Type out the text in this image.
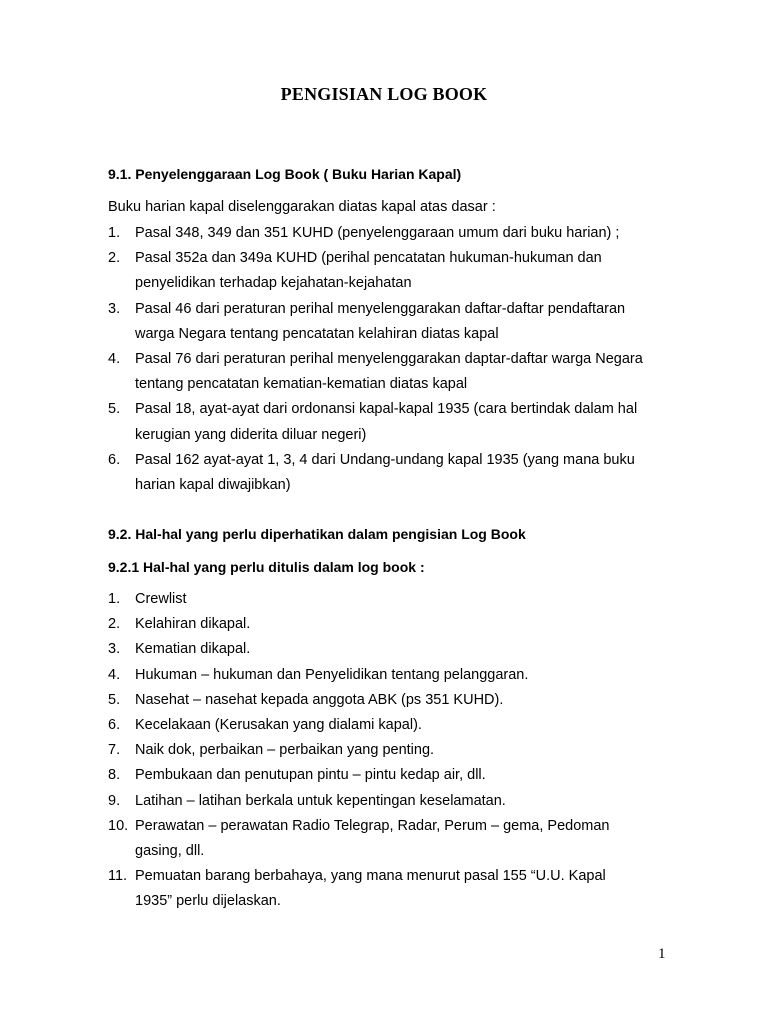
PENGISIAN LOG BOOK
9.1. Penyelenggaraan Log Book ( Buku Harian Kapal)
Buku harian kapal diselenggarakan diatas kapal atas dasar :
1. Pasal 348, 349 dan 351 KUHD (penyelenggaraan umum dari buku harian) ;
2. Pasal 352a dan 349a KUHD (perihal pencatatan hukuman-hukuman dan
penyelidikan terhadap kejahatan-kejahatan
3. Pasal 46 dari peraturan perihal menyelenggarakan daftar-daftar pendaftaran
warga Negara tentang pencatatan kelahiran diatas kapal
4. Pasal 76 dari peraturan perihal menyelenggarakan daptar-daftar warga Negara
tentang pencatatan kematian-kematian diatas kapal
5. Pasal 18, ayat-ayat dari ordonansi kapal-kapal 1935 (cara bertindak dalam hal
kerugian yang diderita diluar negeri)
6. Pasal 162 ayat-ayat 1, 3, 4 dari Undang-undang kapal 1935 (yang mana buku
harian kapal diwajibkan)
9.2. Hal-hal yang perlu diperhatikan dalam pengisian Log Book
9.2.1 Hal-hal yang perlu ditulis dalam log book :
1. Crewlist
2. Kelahiran dikapal.
3. Kematian dikapal.
4. Hukuman – hukuman dan Penyelidikan tentang pelanggaran.
5. Nasehat – nasehat kepada anggota ABK (ps 351 KUHD).
6. Kecelakaan (Kerusakan yang dialami kapal).
7. Naik dok, perbaikan – perbaikan yang penting.
8. Pembukaan dan penutupan pintu – pintu kedap air, dll.
9. Latihan – latihan berkala untuk kepentingan keselamatan.
10. Perawatan – perawatan Radio Telegrap, Radar, Perum – gema, Pedoman
gasing, dll.
11. Pemuatan barang berbahaya, yang mana menurut pasal 155 “U.U. Kapal
1935” perlu dijelaskan.
1
